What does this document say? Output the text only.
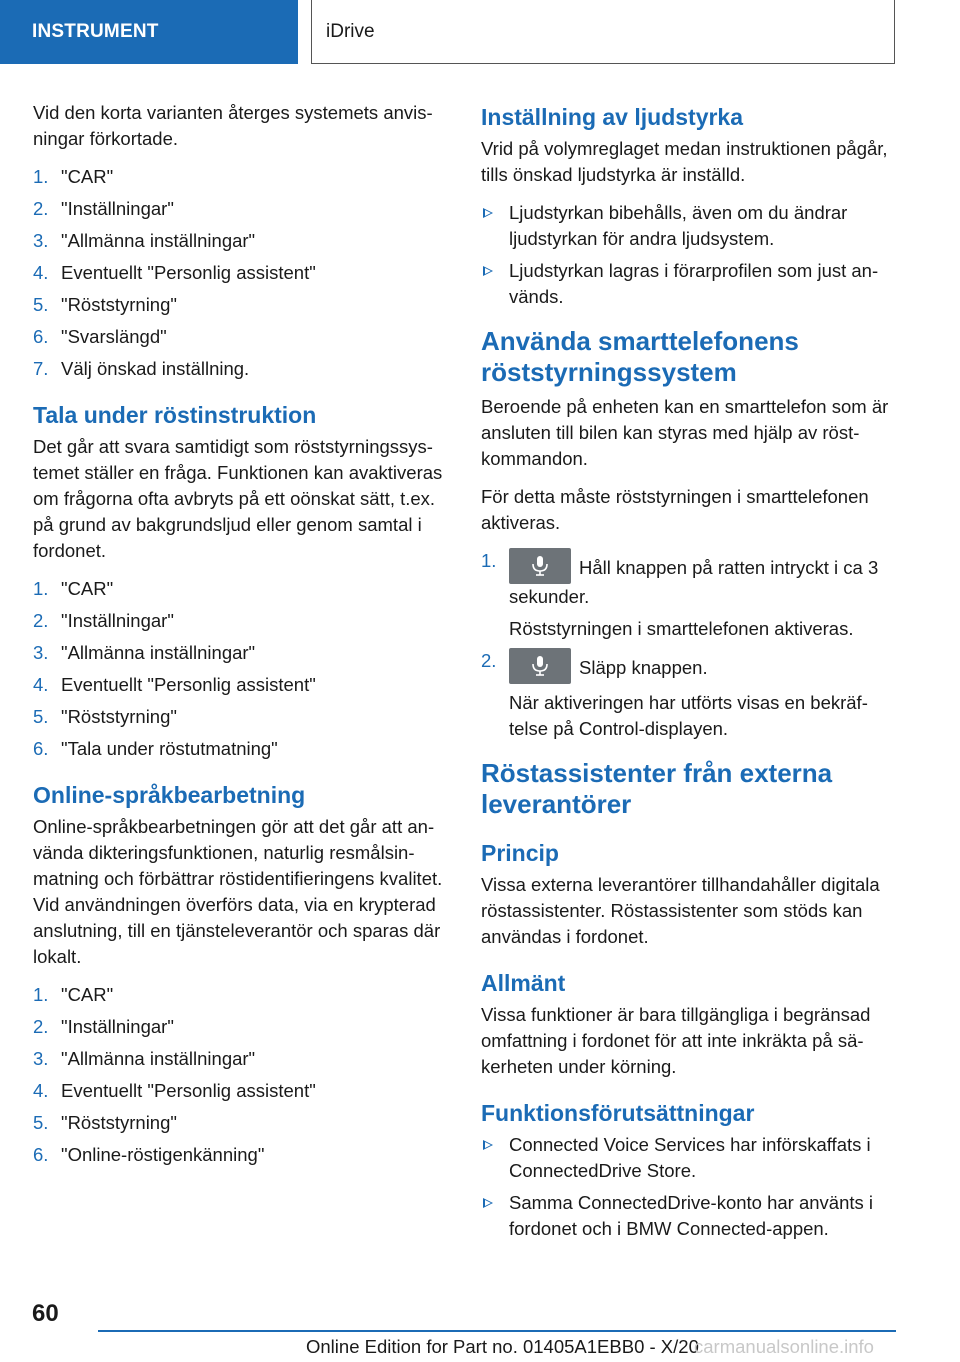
INSTRUMENT	iDrive

Vid den korta varianten återges systemets anvisningar förkortade.

1. "CAR"
2. "Inställningar"
3. "Allmänna inställningar"
4. Eventuellt "Personlig assistent"
5. "Röststyrning"
6. "Svarslängd"
7. Välj önskad inställning.
Tala under röstinstruktion

Det går att svara samtidigt som röststyrningssystemet ställer en fråga. Funktionen kan avaktiveras om frågorna ofta avbryts på ett oönskat sätt, t.ex. på grund av bakgrundsljud eller genom samtal i fordonet.

1. "CAR"
2. "Inställningar"
3. "Allmänna inställningar"
4. Eventuellt "Personlig assistent"
5. "Röststyrning"
6. "Tala under röstutmatning"
Online-språkbearbetning

Online-språkbearbetningen gör att det går att använda dikteringsfunktionen, naturlig resmålsinmatning och förbättrar röstidentifieringens kvalitet. Vid användningen överförs data, via en krypterad anslutning, till en tjänsteleverantör och sparas där lokalt.

1. "CAR"
2. "Inställningar"
3. "Allmänna inställningar"
4. Eventuellt "Personlig assistent"
5. "Röststyrning"
6. "Online-röstigenkänning"
Inställning av ljudstyrka

Vrid på volymreglaget medan instruktionen pågår, tills önskad ljudstyrka är inställd.

Ljudstyrkan bibehålls, även om du ändrar ljudstyrkan för andra ljudsystem.
Ljudstyrkan lagras i förarprofilen som just används.
Använda smarttelefonens röststyrningssystem

Beroende på enheten kan en smarttelefon som är ansluten till bilen kan styras med hjälp av röstkommandon.

För detta måste röststyrningen i smarttelefonen aktiveras.

1.	Håll knappen på ratten intryckt i ca 3 sekunder.
Röststyrningen i smarttelefonen aktiveras.
2.	Släpp knappen.
När aktiveringen har utförts visas en bekräftelse på Control-displayen.
Röstassistenter från externa leverantörer
Princip

Vissa externa leverantörer tillhandahåller digitala röstassistenter. Röstassistenter som stöds kan användas i fordonet.

Allmänt

Vissa funktioner är bara tillgängliga i begränsad omfattning i fordonet för att inte inkräkta på säkerheten under körning.

Funktionsförutsättningar
Connected Voice Services har införskaffats i ConnectedDrive Store.
Samma ConnectedDrive-konto har använts i fordonet och i BMW Connected-appen.
60
Online Edition for Part no. 01405A1EBB0 - X/20
carmanualsonline.info
